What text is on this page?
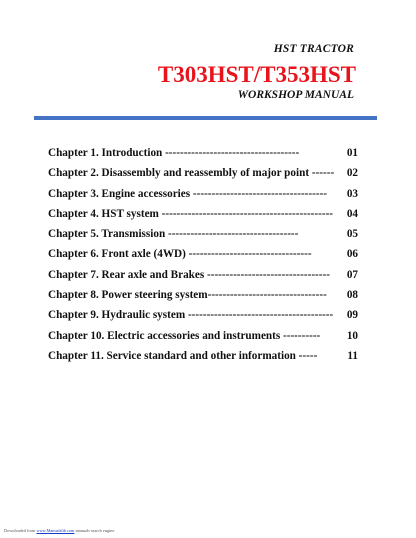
HST TRACTOR
T303HST/T353HST
WORKSHOP MANUAL
Chapter 1. Introduction ------------------------------------	01
Chapter 2. Disassembly and reassembly of major point ------ 02
Chapter 3. Engine accessories ------------------------------------ 03
Chapter 4. HST system ---------------------------------------------- 04
Chapter 5. Transmission -----------------------------------	05
Chapter 6. Front axle (4WD) ---------------------------------	06
Chapter 7. Rear axle and Brakes --------------------------------- 07
Chapter 8. Power steering system-------------------------------- 08
Chapter 9. Hydraulic system --------------------------------------- 09
Chapter 10. Electric accessories and instruments ---------- 10
Chapter 11. Service standard and other information -----	11
Downloaded from www.Manualslib.com manuals search engine
